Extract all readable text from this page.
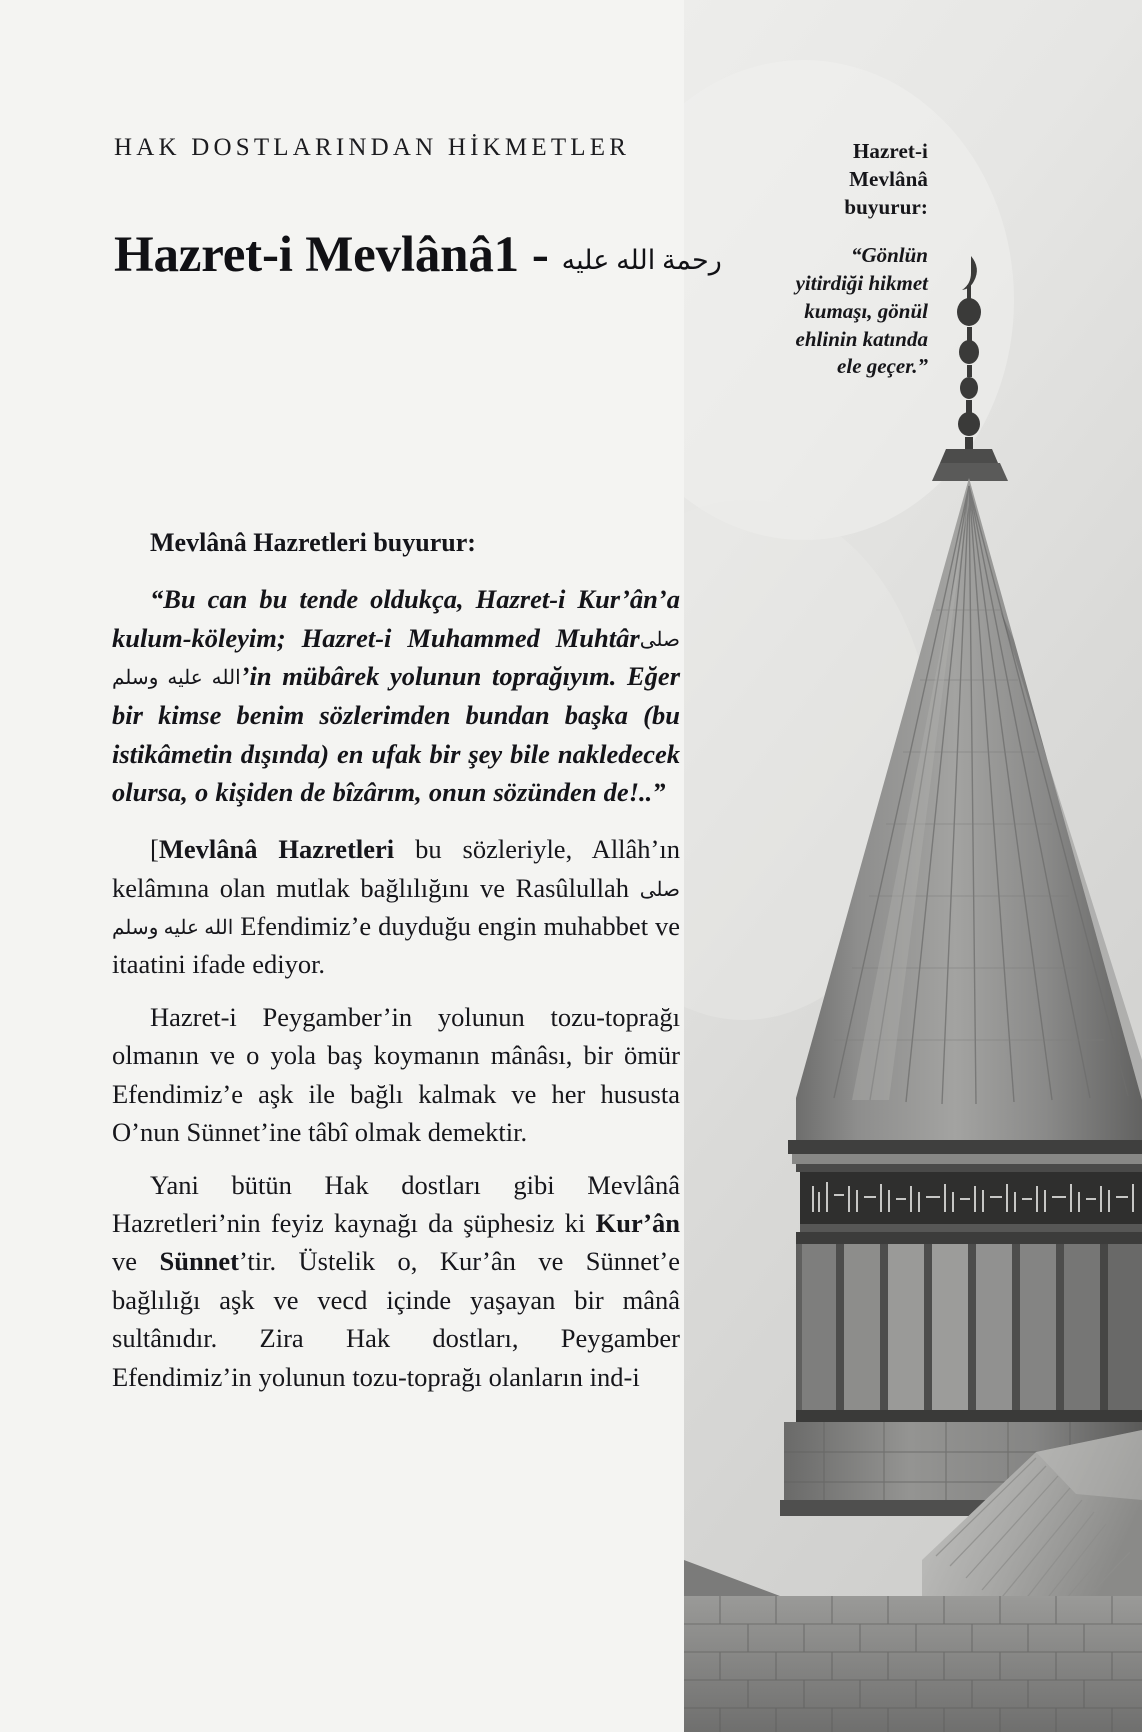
Hazret-i Mevlânâ buyurur:
“Gönlün yitirdiği hikmet kumaşı, gönül ehlinin katında ele geçer.”
HAK DOSTLARINDAN HİKMETLER
Hazret-i Mevlânâ	رحمة الله عليه - 1

Mevlânâ Hazretleri buyurur:

“Bu can bu tende oldukça, Hazret-i Kur’ân’a kulum-köleyim; Hazret-i Muhammed Muhtârصلى الله عليه وسلم’in mübârek yolunun toprağıyım. Eğer bir kimse benim sözlerimden bundan başka (bu istikâmetin dışında) en ufak bir şey bile nakledecek olursa, o kişiden de bîzârım, onun sözünden de!..”

[Mevlânâ Hazretleri bu sözleriyle, Allâh’ın kelâmına olan mutlak bağlılığını ve Rasûlullah صلى الله عليه وسلم Efendimiz’e duyduğu engin muhabbet ve itaatini ifade ediyor.

Hazret-i Peygamber’in yolunun tozu-toprağı olmanın ve o yola baş koymanın mânâsı, bir ömür Efendimiz’e aşk ile bağlı kalmak ve her hususta O’nun Sünnet’ine tâbî olmak demektir.

Yani bütün Hak dostları gibi Mevlânâ Hazretleri’nin feyiz kaynağı da şüphesiz ki Kur’ân ve Sünnet’tir. Üstelik o, Kur’ân ve Sünnet’e bağlılığı aşk ve vecd içinde yaşayan bir mânâ sultânıdır. Zira Hak dostları, Peygamber Efendimiz’in yolunun tozu-toprağı olanların ind-i
